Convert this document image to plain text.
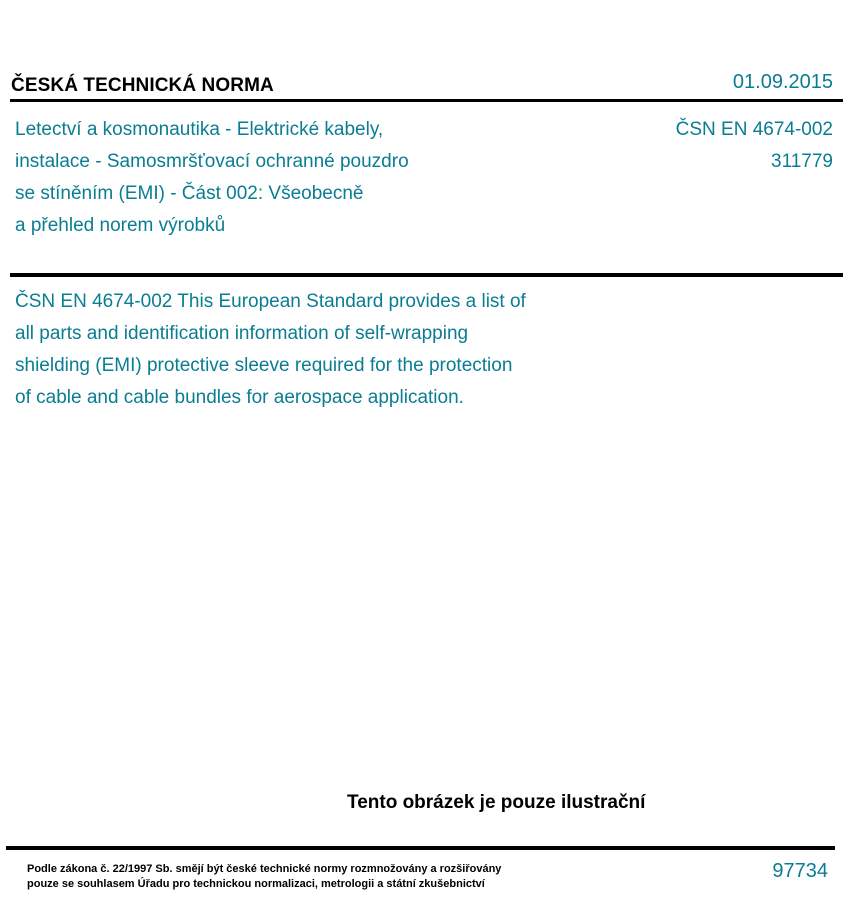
ČESKÁ TECHNICKÁ NORMA	01.09.2015
Letectví a kosmonautika - Elektrické kabely,
instalace - Samosmršťovací ochranné pouzdro
se stíněním (EMI) - Část 002: Všeobecně
a přehled norem výrobků
ČSN EN 4674-002
311779
ČSN EN 4674-002 This European Standard provides a list of
all parts and identification information of self-wrapping
shielding (EMI) protective sleeve required for the protection
of cable and cable bundles for aerospace application.
Tento obrázek je pouze ilustrační
Podle zákona č. 22/1997 Sb. smějí být české technické normy rozmnožovány a rozšiřovány
pouze se souhlasem Úřadu pro technickou normalizaci, metrologii a státní zkušebnictví
97734
